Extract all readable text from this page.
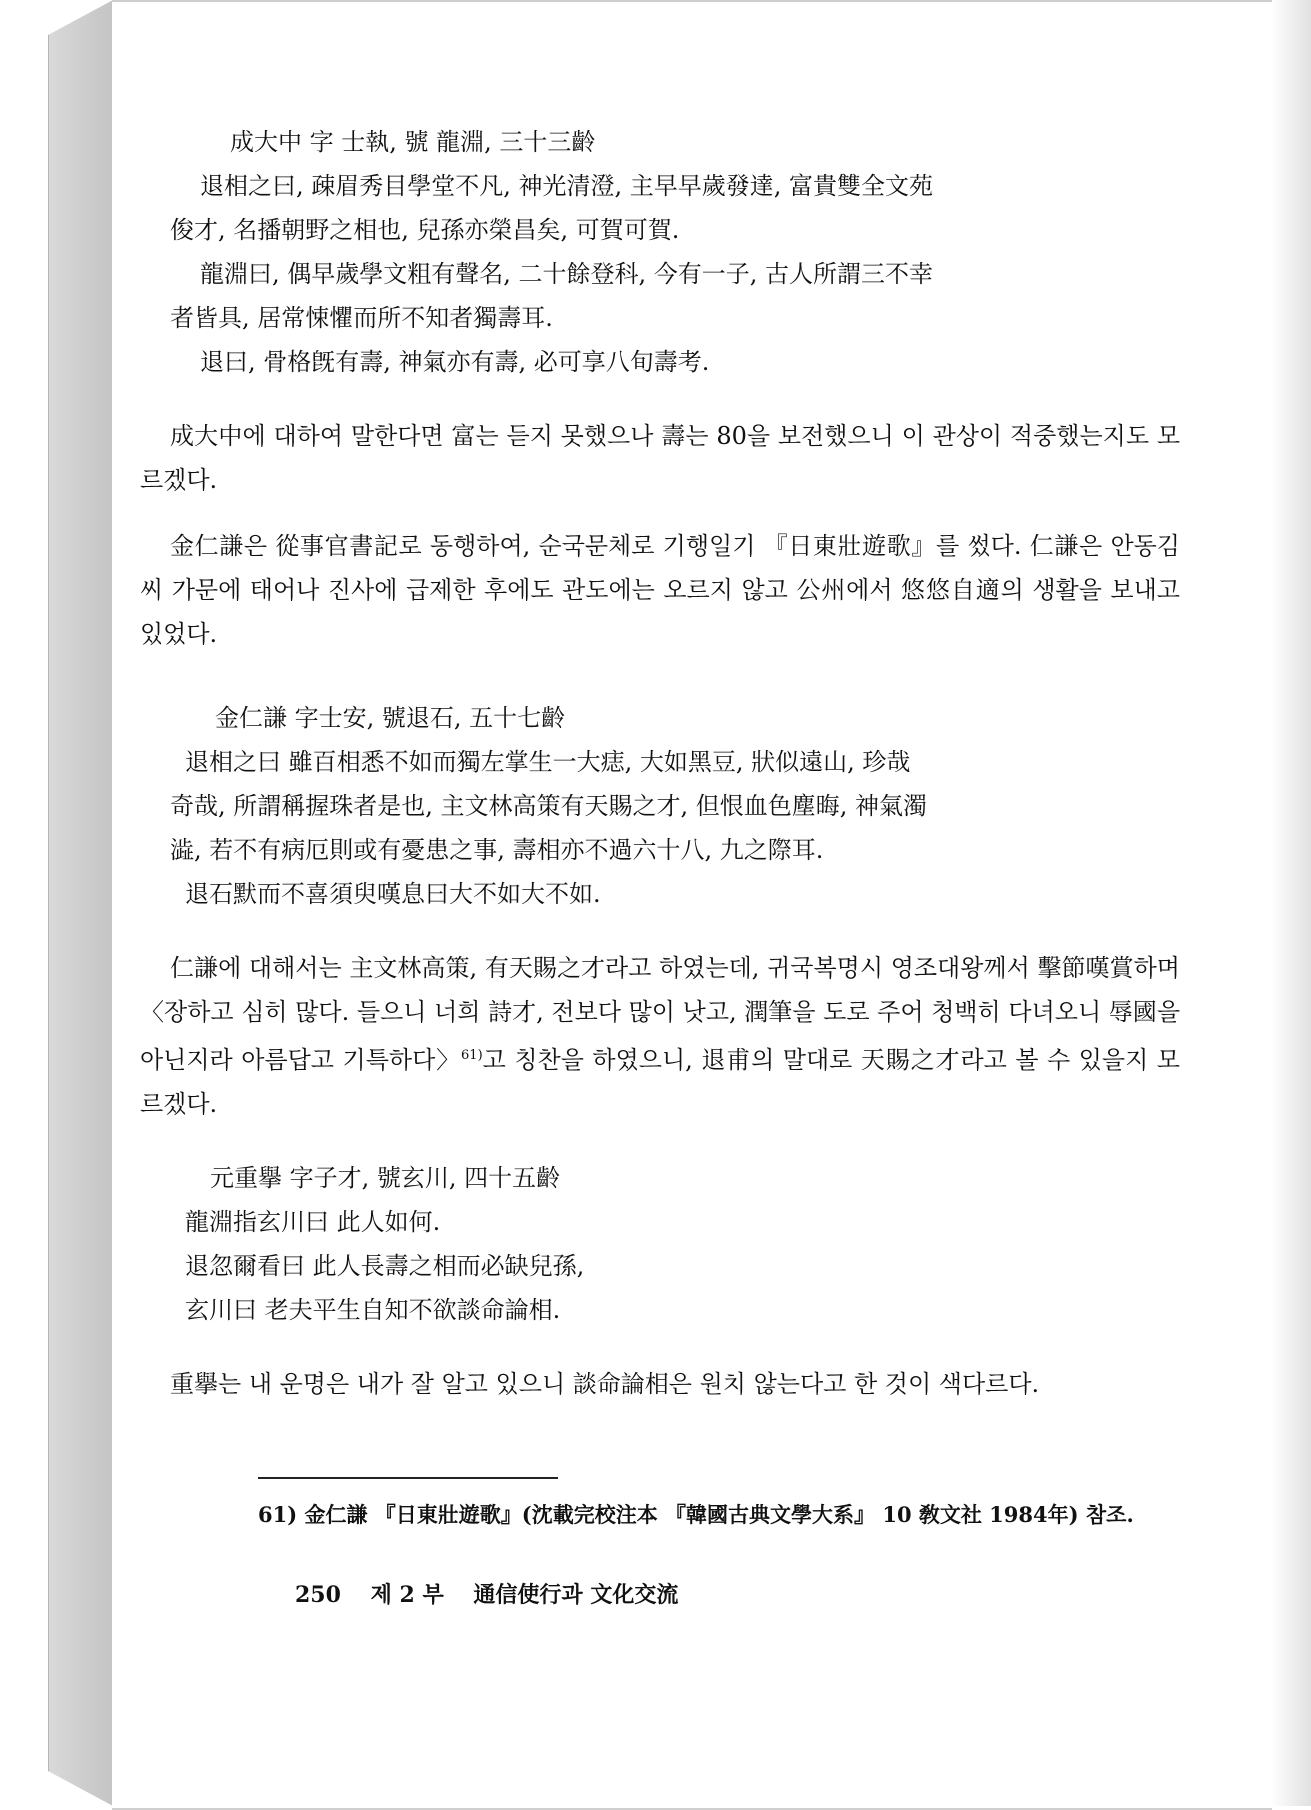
成大中 字 士執, 號 龍淵, 三十三齡
退相之曰, 疎眉秀目學堂不凡, 神光清澄, 主早早歲發達, 富貴雙全文苑
俊才, 名播朝野之相也, 兒孫亦榮昌矣, 可賀可賀.
龍淵曰, 偶早歲學文粗有聲名, 二十餘登科, 今有一子, 古人所謂三不幸
者皆具, 居常悚懼而所不知者獨壽耳.
退曰, 骨格旣有壽, 神氣亦有壽, 必可享八旬壽考.
成大中에 대하여 말한다면 富는 듣지 못했으나 壽는 80을 보전했으니 이 관상이 적중했는지도 모르겠다.
金仁謙은 從事官書記로 동행하여, 순국문체로 기행일기 『日東壯遊歌』를 썼다. 仁謙은 안동김씨 가문에 태어나 진사에 급제한 후에도 관도에는 오르지 않고 公州에서 悠悠自適의 생활을 보내고 있었다.
金仁謙 字士安, 號退石, 五十七齡
退相之曰 雖百相悉不如而獨左掌生一大痣, 大如黑豆, 狀似遠山, 珍哉
奇哉, 所謂稱握珠者是也, 主文林高策有天賜之才, 但恨血色塵晦, 神氣濁
澁, 若不有病厄則或有憂患之事, 壽相亦不過六十八, 九之際耳.
退石默而不喜須臾嘆息曰大不如大不如.
仁謙에 대해서는 主文林高策, 有天賜之才라고 하였는데, 귀국복명시 영조대왕께서 擊節嘆賞하며 〈장하고 심히 많다. 들으니 너희 詩才, 전보다 많이 낫고, 潤筆을 도로 주어 청백히 다녀오니 辱國을 아닌지라 아름답고 기특하다〉$^{61)}$고 칭찬을 하였으니, 退甫의 말대로 天賜之才라고 볼 수 있을지 모르겠다.
元重擧 字子才, 號玄川, 四十五齡
龍淵指玄川曰 此人如何.
退忽爾看曰 此人長壽之相而必缺兒孫,
玄川曰 老夫平生自知不欲談命論相.
重擧는 내 운명은 내가 잘 알고 있으니 談命論相은 원치 않는다고 한 것이 색다르다.
61) 金仁謙 『日東壯遊歌』(沈載完校注本 『韓國古典文學大系』 10 敎文社 1984年) 참조.
250 제 2 부 通信使行과 文化交流
